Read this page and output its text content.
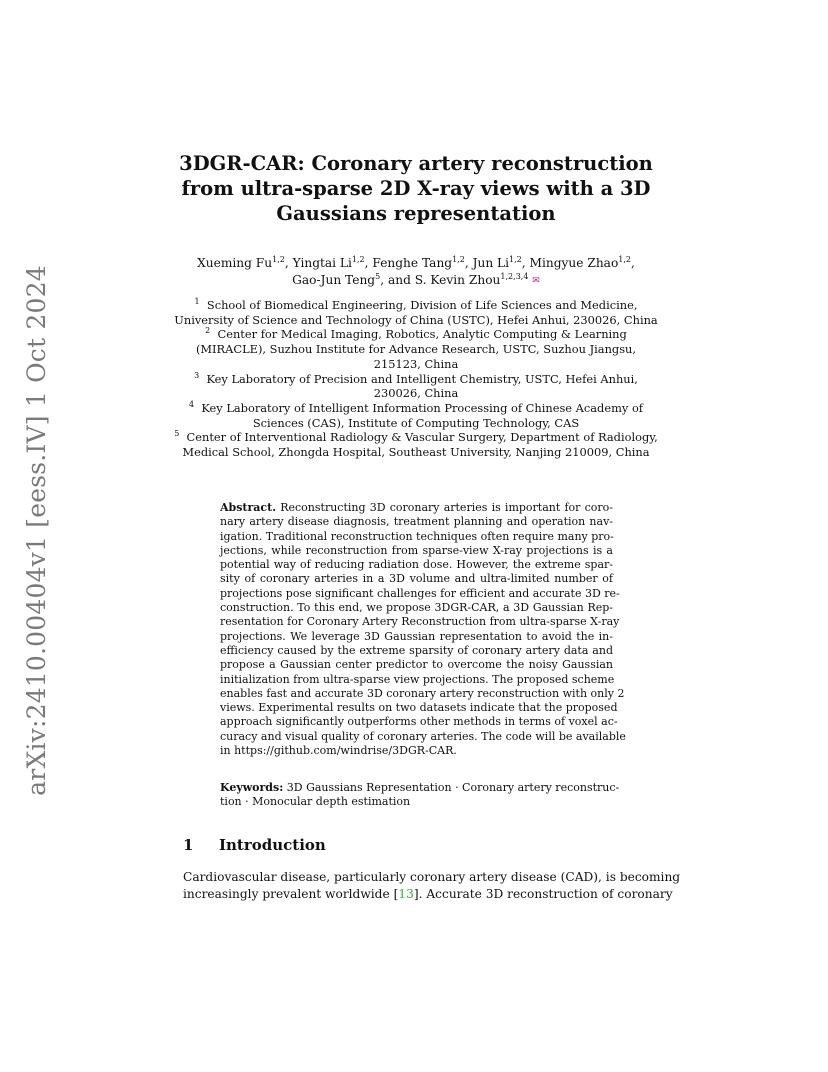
arXiv:2410.00404v1 [eess.IV] 1 Oct 2024
3DGR-CAR: Coronary artery reconstruction
from ultra-sparse 2D X-ray views with a 3D
Gaussians representation
Xueming Fu$^{1,2}$, Yingtai Li$^{1,2}$, Fenghe Tang$^{1,2}$, Jun Li$^{1,2}$, Mingyue Zhao$^{1,2}$,
Gao-Jun Teng$^5$, and S. Kevin Zhou$^{1,2,3,4}$ ✉
$^1$ School of Biomedical Engineering, Division of Life Sciences and Medicine,
University of Science and Technology of China (USTC), Hefei Anhui, 230026, China
$^2$ Center for Medical Imaging, Robotics, Analytic Computing & Learning
(MIRACLE), Suzhou Institute for Advance Research, USTC, Suzhou Jiangsu,
215123, China
$^3$ Key Laboratory of Precision and Intelligent Chemistry, USTC, Hefei Anhui,
230026, China
$^4$ Key Laboratory of Intelligent Information Processing of Chinese Academy of
Sciences (CAS), Institute of Computing Technology, CAS
$^5$ Center of Interventional Radiology & Vascular Surgery, Department of Radiology,
Medical School, Zhongda Hospital, Southeast University, Nanjing 210009, China
Abstract. Reconstructing 3D coronary arteries is important for coro-
nary artery disease diagnosis, treatment planning and operation nav-
igation. Traditional reconstruction techniques often require many pro-
jections, while reconstruction from sparse-view X-ray projections is a
potential way of reducing radiation dose. However, the extreme spar-
sity of coronary arteries in a 3D volume and ultra-limited number of
projections pose significant challenges for efficient and accurate 3D re-
construction. To this end, we propose 3DGR-CAR, a 3D Gaussian Rep-
resentation for Coronary Artery Reconstruction from ultra-sparse X-ray
projections. We leverage 3D Gaussian representation to avoid the in-
efficiency caused by the extreme sparsity of coronary artery data and
propose a Gaussian center predictor to overcome the noisy Gaussian
initialization from ultra-sparse view projections. The proposed scheme
enables fast and accurate 3D coronary artery reconstruction with only 2
views. Experimental results on two datasets indicate that the proposed
approach significantly outperforms other methods in terms of voxel ac-
curacy and visual quality of coronary arteries. The code will be available
in https://github.com/windrise/3DGR-CAR.
Keywords: 3D Gaussians Representation · Coronary artery reconstruc-
tion · Monocular depth estimation
1 Introduction
Cardiovascular disease, particularly coronary artery disease (CAD), is becoming
increasingly prevalent worldwide [13]. Accurate 3D reconstruction of coronary
